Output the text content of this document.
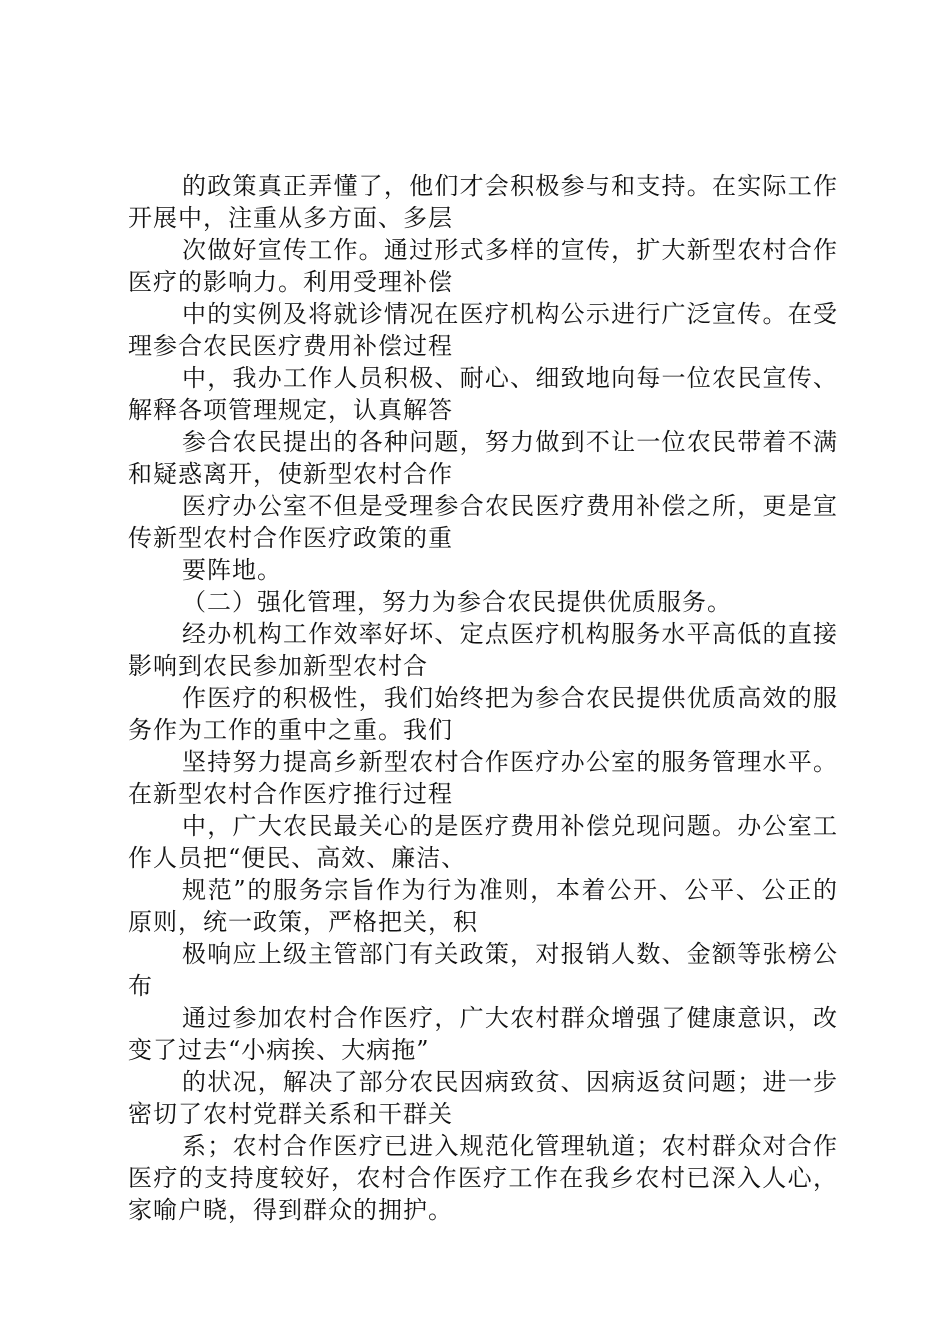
的政策真正弄懂了，他们才会积极参与和支持。在实际工作开展中，注重从多方面、多层

次做好宣传工作。通过形式多样的宣传，扩大新型农村合作医疗的影响力。利用受理补偿

中的实例及将就诊情况在医疗机构公示进行广泛宣传。在受理参合农民医疗费用补偿过程

中，我办工作人员积极、耐心、细致地向每一位农民宣传、解释各项管理规定，认真解答

参合农民提出的各种问题，努力做到不让一位农民带着不满和疑惑离开，使新型农村合作

医疗办公室不但是受理参合农民医疗费用补偿之所，更是宣传新型农村合作医疗政策的重

要阵地。

（二）强化管理，努力为参合农民提供优质服务。

经办机构工作效率好坏、定点医疗机构服务水平高低的直接影响到农民参加新型农村合

作医疗的积极性，我们始终把为参合农民提供优质高效的服务作为工作的重中之重。我们

坚持努力提高乡新型农村合作医疗办公室的服务管理水平。在新型农村合作医疗推行过程

中，广大农民最关心的是医疗费用补偿兑现问题。办公室工作人员把“便民、高效、廉洁、

规范”的服务宗旨作为行为准则，本着公开、公平、公正的原则，统一政策，严格把关，积

极响应上级主管部门有关政策，对报销人数、金额等张榜公布

通过参加农村合作医疗，广大农村群众增强了健康意识，改变了过去“小病挨、大病拖”

的状况，解决了部分农民因病致贫、因病返贫问题；进一步密切了农村党群关系和干群关

系；农村合作医疗已进入规范化管理轨道；农村群众对合作医疗的支持度较好，农村合作医疗工作在我乡农村已深入人心，家喻户晓，得到群众的拥护。
